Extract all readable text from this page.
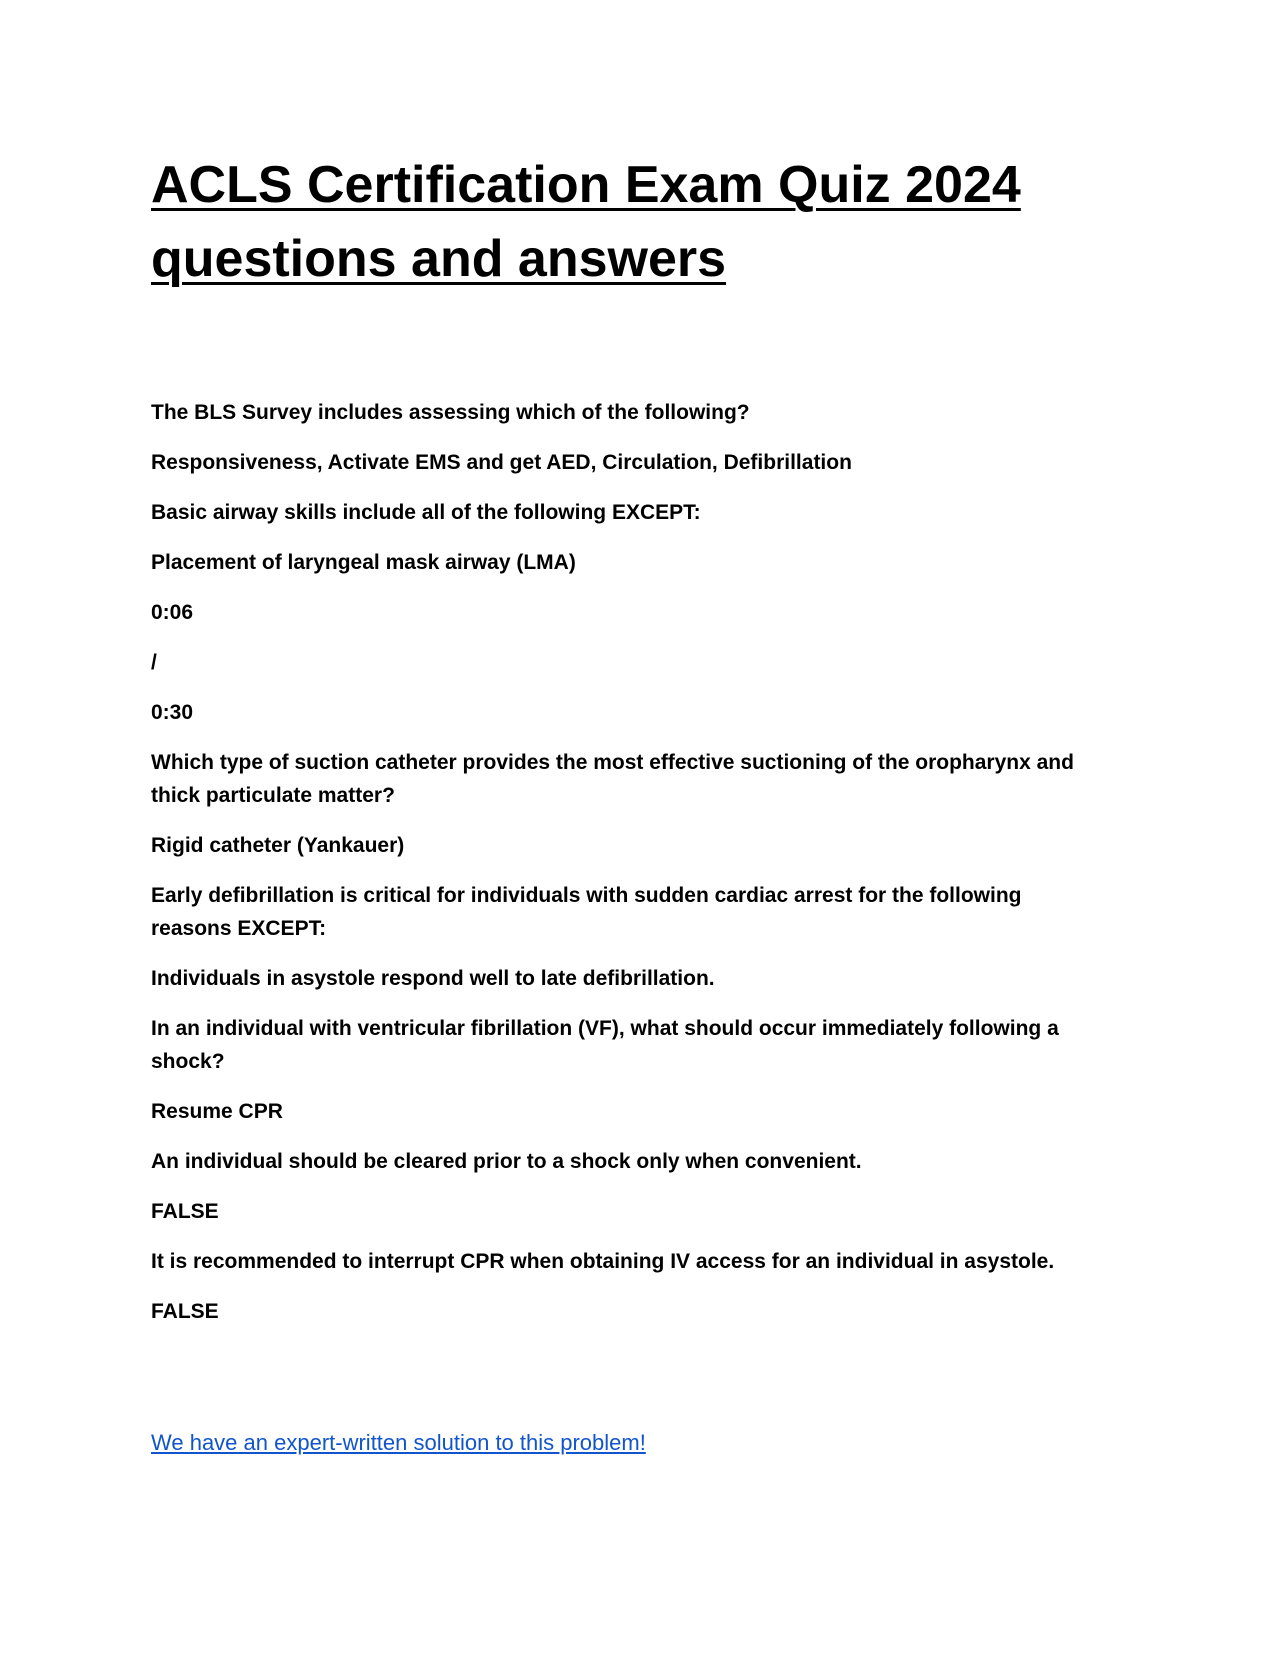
ACLS Certification Exam Quiz 2024 questions and answers

The BLS Survey includes assessing which of the following?

Responsiveness, Activate EMS and get AED, Circulation, Defibrillation

Basic airway skills include all of the following EXCEPT:

Placement of laryngeal mask airway (LMA)

0:06

/

0:30

Which type of suction catheter provides the most effective suctioning of the oropharynx and thick particulate matter?

Rigid catheter (Yankauer)

Early defibrillation is critical for individuals with sudden cardiac arrest for the following reasons EXCEPT:

Individuals in asystole respond well to late defibrillation.

In an individual with ventricular fibrillation (VF), what should occur immediately following a shock?

Resume CPR

An individual should be cleared prior to a shock only when convenient.

FALSE

It is recommended to interrupt CPR when obtaining IV access for an individual in asystole.

FALSE

We have an expert-written solution to this problem!
